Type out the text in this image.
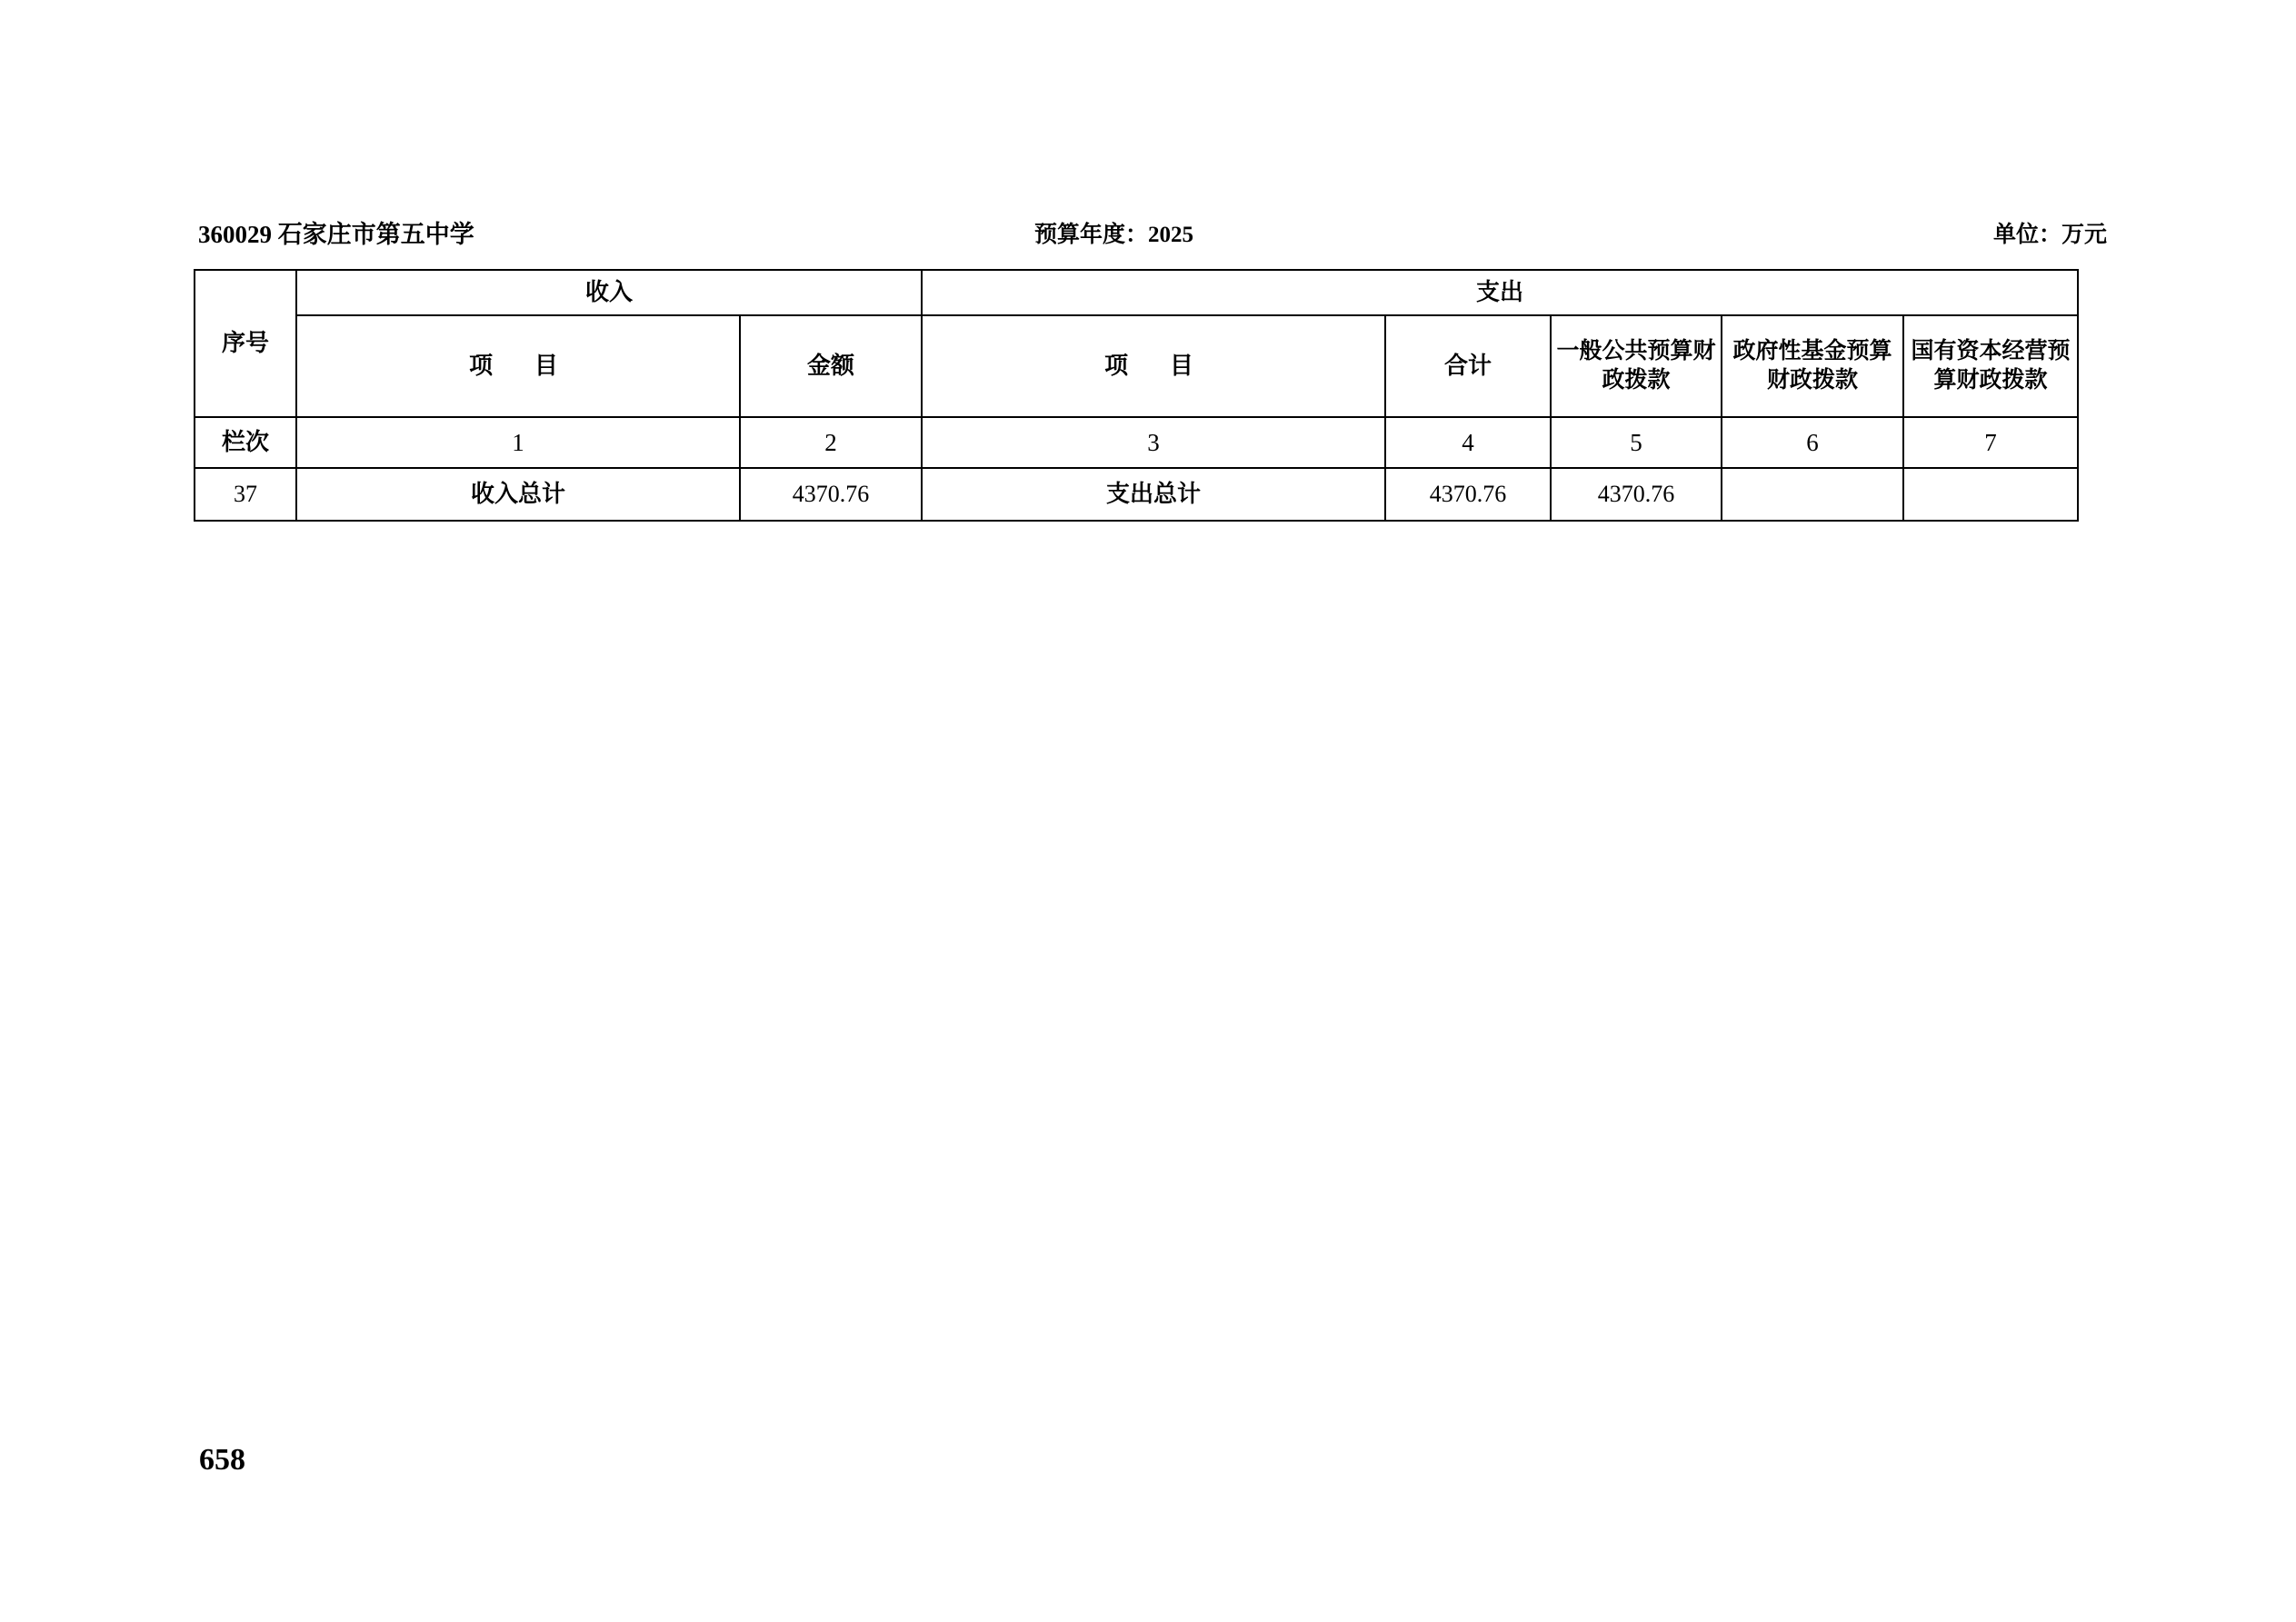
360029 石家庄市第五中学	预算年度：2025	单位：万元
序号	收入		支出				
	项　目	金额	项　目	合计	一般公共预算财政拨款	政府性基金预算财政拨款	国有资本经营预算财政拨款
栏次	1	2	3	4	5	6	7
37	收入总计	4370.76	支出总计	4370.76	4370.76		
658
